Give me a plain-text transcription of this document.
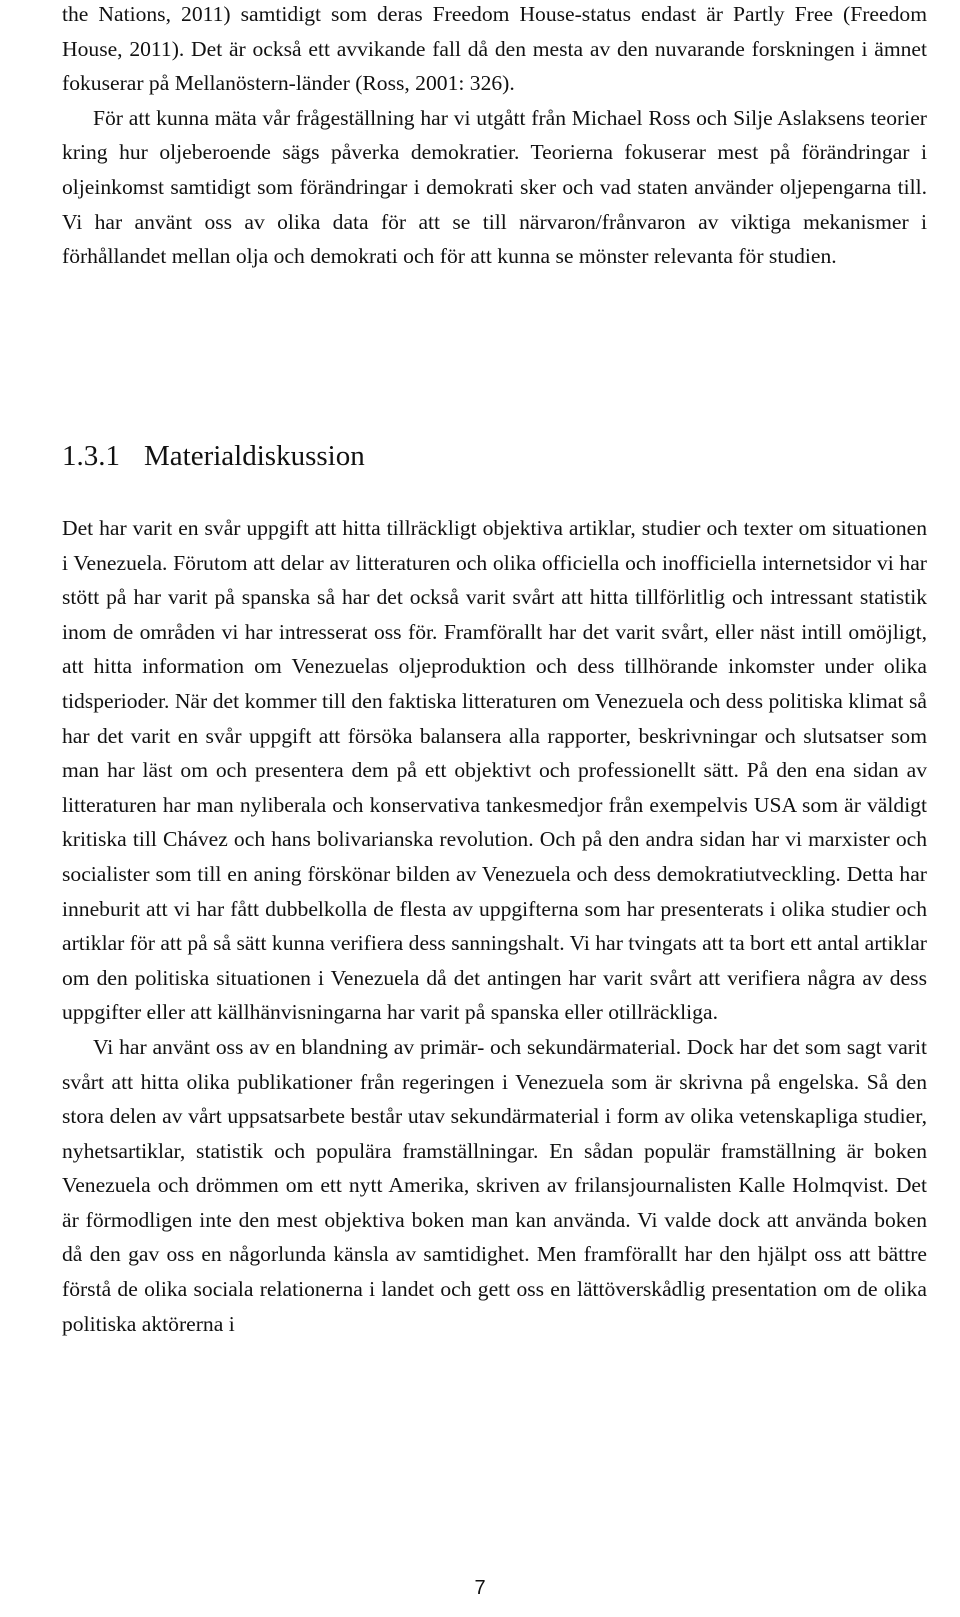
the Nations, 2011) samtidigt som deras Freedom House-status endast är Partly Free (Freedom House, 2011). Det är också ett avvikande fall då den mesta av den nuvarande forskningen i ämnet fokuserar på Mellanöstern-länder (Ross, 2001: 326).

För att kunna mäta vår frågeställning har vi utgått från Michael Ross och Silje Aslaksens teorier kring hur oljeberoende sägs påverka demokratier. Teorierna fokuserar mest på förändringar i oljeinkomst samtidigt som förändringar i demokrati sker och vad staten använder oljepengarna till. Vi har använt oss av olika data för att se till närvaron/frånvaron av viktiga mekanismer i förhållandet mellan olja och demokrati och för att kunna se mönster relevanta för studien.

1.3.1 Materialdiskussion

Det har varit en svår uppgift att hitta tillräckligt objektiva artiklar, studier och texter om situationen i Venezuela. Förutom att delar av litteraturen och olika officiella och inofficiella internetsidor vi har stött på har varit på spanska så har det också varit svårt att hitta tillförlitlig och intressant statistik inom de områden vi har intresserat oss för. Framförallt har det varit svårt, eller näst intill omöjligt, att hitta information om Venezuelas oljeproduktion och dess tillhörande inkomster under olika tidsperioder. När det kommer till den faktiska litteraturen om Venezuela och dess politiska klimat så har det varit en svår uppgift att försöka balansera alla rapporter, beskrivningar och slutsatser som man har läst om och presentera dem på ett objektivt och professionellt sätt. På den ena sidan av litteraturen har man nyliberala och konservativa tankesmedjor från exempelvis USA som är väldigt kritiska till Chávez och hans bolivarianska revolution. Och på den andra sidan har vi marxister och socialister som till en aning förskönar bilden av Venezuela och dess demokratiutveckling. Detta har inneburit att vi har fått dubbelkolla de flesta av uppgifterna som har presenterats i olika studier och artiklar för att på så sätt kunna verifiera dess sanningshalt. Vi har tvingats att ta bort ett antal artiklar om den politiska situationen i Venezuela då det antingen har varit svårt att verifiera några av dess uppgifter eller att källhänvisningarna har varit på spanska eller otillräckliga.

Vi har använt oss av en blandning av primär- och sekundärmaterial. Dock har det som sagt varit svårt att hitta olika publikationer från regeringen i Venezuela som är skrivna på engelska. Så den stora delen av vårt uppsatsarbete består utav sekundärmaterial i form av olika vetenskapliga studier, nyhetsartiklar, statistik och populära framställningar. En sådan populär framställning är boken Venezuela och drömmen om ett nytt Amerika, skriven av frilansjournalisten Kalle Holmqvist. Det är förmodligen inte den mest objektiva boken man kan använda. Vi valde dock att använda boken då den gav oss en någorlunda känsla av samtidighet. Men framförallt har den hjälpt oss att bättre förstå de olika sociala relationerna i landet och gett oss en lättöverskådlig presentation om de olika politiska aktörerna i

7
